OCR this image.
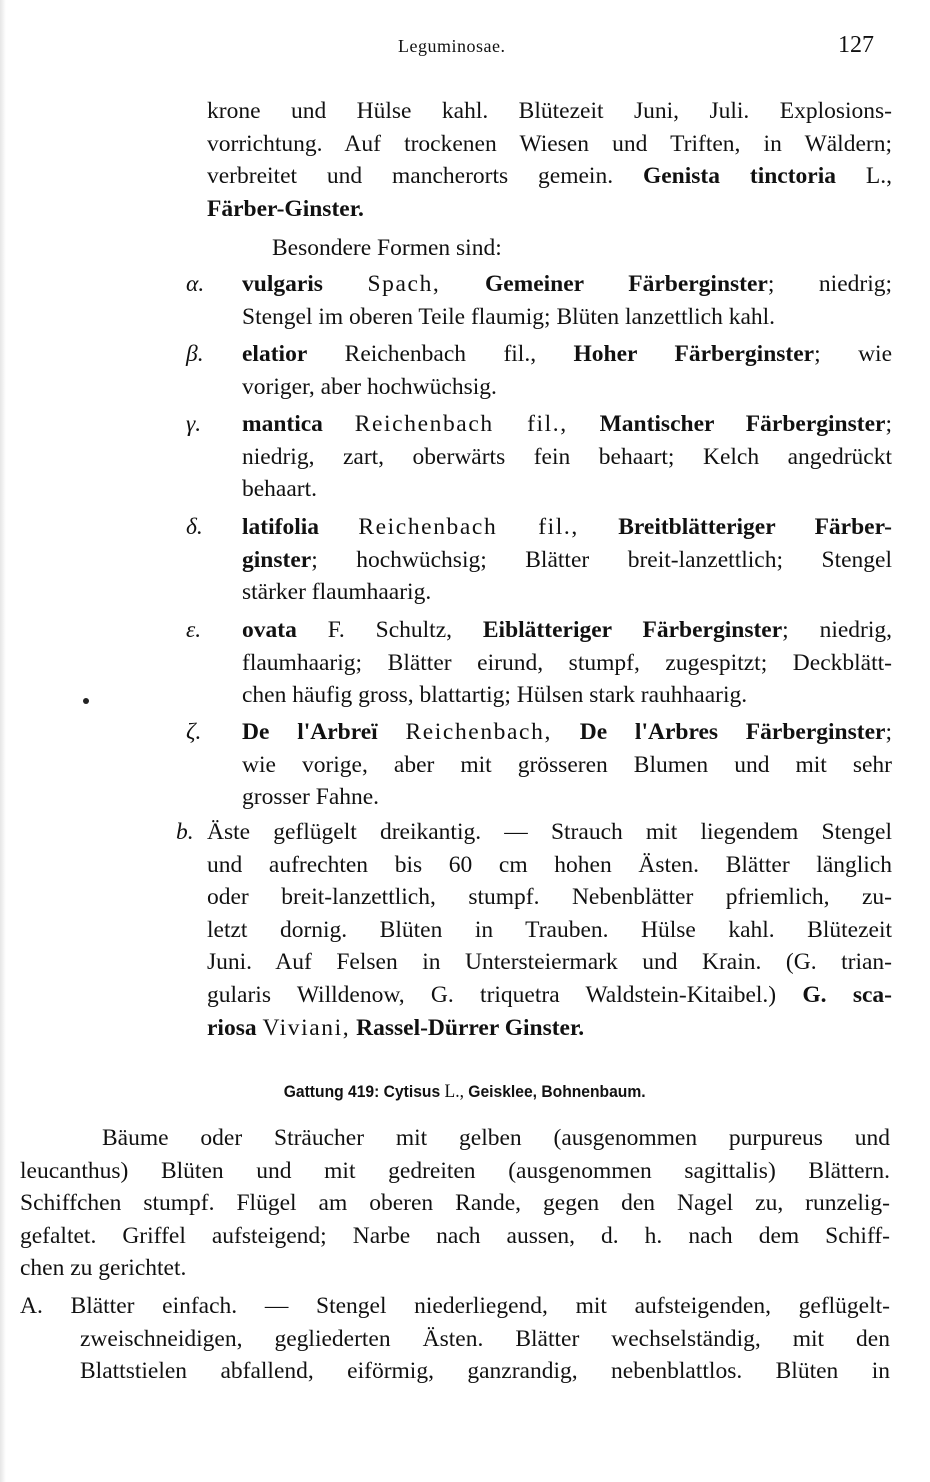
Leguminosae.	127
krone und Hülse kahl. Blütezeit Juni, Juli. Explosions-
vorrichtung. Auf trockenen Wiesen und Triften, in Wäldern;
verbreitet und mancherorts gemein. Genista tinctoria L.,
Färber-Ginster.
Besondere Formen sind:
α.	vulgaris Spach, Gemeiner Färberginster; niedrig;
Stengel im oberen Teile flaumig; Blüten lanzettlich kahl.
β.	elatior Reichenbach fil., Hoher Färberginster; wie
voriger, aber hochwüchsig.
γ.	mantica Reichenbach fil., Mantischer Färberginster;
niedrig, zart, oberwärts fein behaart; Kelch angedrückt
behaart.
δ.	latifolia Reichenbach fil., Breitblätteriger Färber-
ginster; hochwüchsig; Blätter breit-lanzettlich; Stengel
stärker flaumhaarig.
ε.	ovata F. Schultz, Eiblätteriger Färberginster; niedrig,
flaumhaarig; Blätter eirund, stumpf, zugespitzt; Deckblätt-
chen häufig gross, blattartig; Hülsen stark rauhhaarig.
ζ.	De l'Arbreï Reichenbach, De l'Arbres Färberginster;
wie vorige, aber mit grösseren Blumen und mit sehr
grosser Fahne.
b. Äste geflügelt dreikantig. — Strauch mit liegendem Stengel
und aufrechten bis 60 cm hohen Ästen. Blätter länglich
oder breit-lanzettlich, stumpf. Nebenblätter pfriemlich, zu-
letzt dornig. Blüten in Trauben. Hülse kahl. Blütezeit
Juni. Auf Felsen in Untersteiermark und Krain. (G. trian-
gularis Willdenow, G. triquetra Waldstein-Kitaibel.) G. sca-
riosa Viviani, Rassel-Dürrer Ginster.
Gattung 419: Cytisus L., Geisklee, Bohnenbaum.
Bäume oder Sträucher mit gelben (ausgenommen purpureus und
leucanthus) Blüten und mit gedreiten (ausgenommen sagittalis) Blättern.
Schiffchen stumpf. Flügel am oberen Rande, gegen den Nagel zu, runzelig-
gefaltet. Griffel aufsteigend; Narbe nach aussen, d. h. nach dem Schiff-
chen zu gerichtet.
A. Blätter einfach. — Stengel niederliegend, mit aufsteigenden, geflügelt-
zweischneidigen, gegliederten Ästen. Blätter wechselständig, mit den
Blattstielen abfallend, eiförmig, ganzrandig, nebenblattlos. Blüten in
